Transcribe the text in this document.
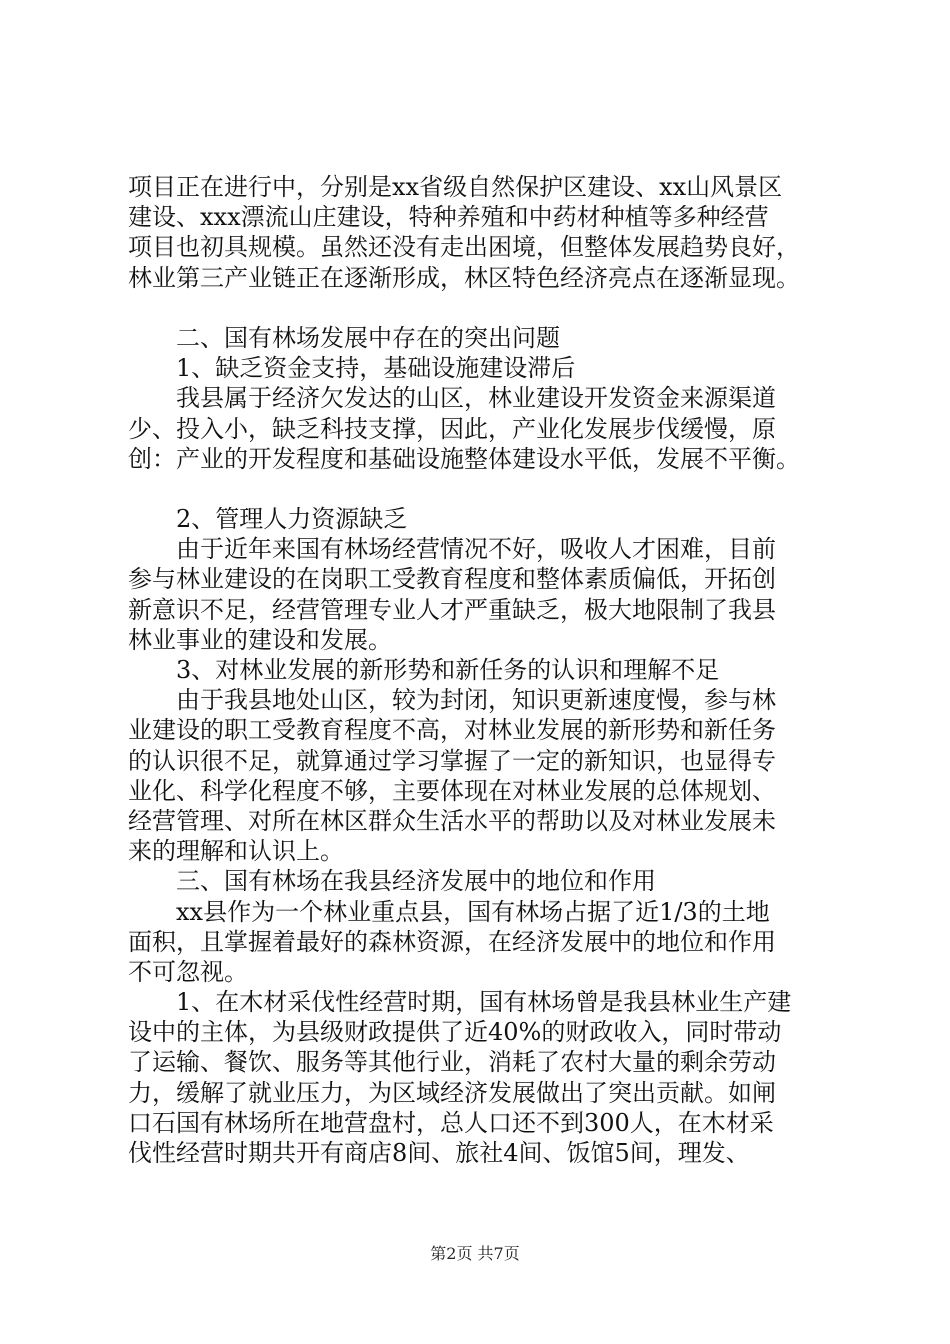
项目正在进行中，分别是xx省级自然保护区建设、xx山风景区
建设、xxx漂流山庄建设，特种养殖和中药材种植等多种经营
项目也初具规模。虽然还没有走出困境，但整体发展趋势良好，
林业第三产业链正在逐渐形成，林区特色经济亮点在逐渐显现。
二、国有林场发展中存在的突出问题
1、缺乏资金支持，基础设施建设滞后
我县属于经济欠发达的山区，林业建设开发资金来源渠道
少、投入小，缺乏科技支撑，因此，产业化发展步伐缓慢，原
创：产业的开发程度和基础设施整体建设水平低，发展不平衡。
2、管理人力资源缺乏
由于近年来国有林场经营情况不好，吸收人才困难，目前
参与林业建设的在岗职工受教育程度和整体素质偏低，开拓创
新意识不足，经营管理专业人才严重缺乏，极大地限制了我县
林业事业的建设和发展。
3、对林业发展的新形势和新任务的认识和理解不足
由于我县地处山区，较为封闭，知识更新速度慢，参与林
业建设的职工受教育程度不高，对林业发展的新形势和新任务
的认识很不足，就算通过学习掌握了一定的新知识，也显得专
业化、科学化程度不够，主要体现在对林业发展的总体规划、
经营管理、对所在林区群众生活水平的帮助以及对林业发展未
来的理解和认识上。
三、国有林场在我县经济发展中的地位和作用
xx县作为一个林业重点县，国有林场占据了近1/3的土地
面积，且掌握着最好的森林资源，在经济发展中的地位和作用
不可忽视。
1、在木材采伐性经营时期，国有林场曾是我县林业生产建
设中的主体，为县级财政提供了近40%的财政收入，同时带动
了运输、餐饮、服务等其他行业，消耗了农村大量的剩余劳动
力，缓解了就业压力，为区域经济发展做出了突出贡献。如闸
口石国有林场所在地营盘村，总人口还不到300人，在木材采
伐性经营时期共开有商店8间、旅社4间、饭馆5间，理发、
第2页 共7页
